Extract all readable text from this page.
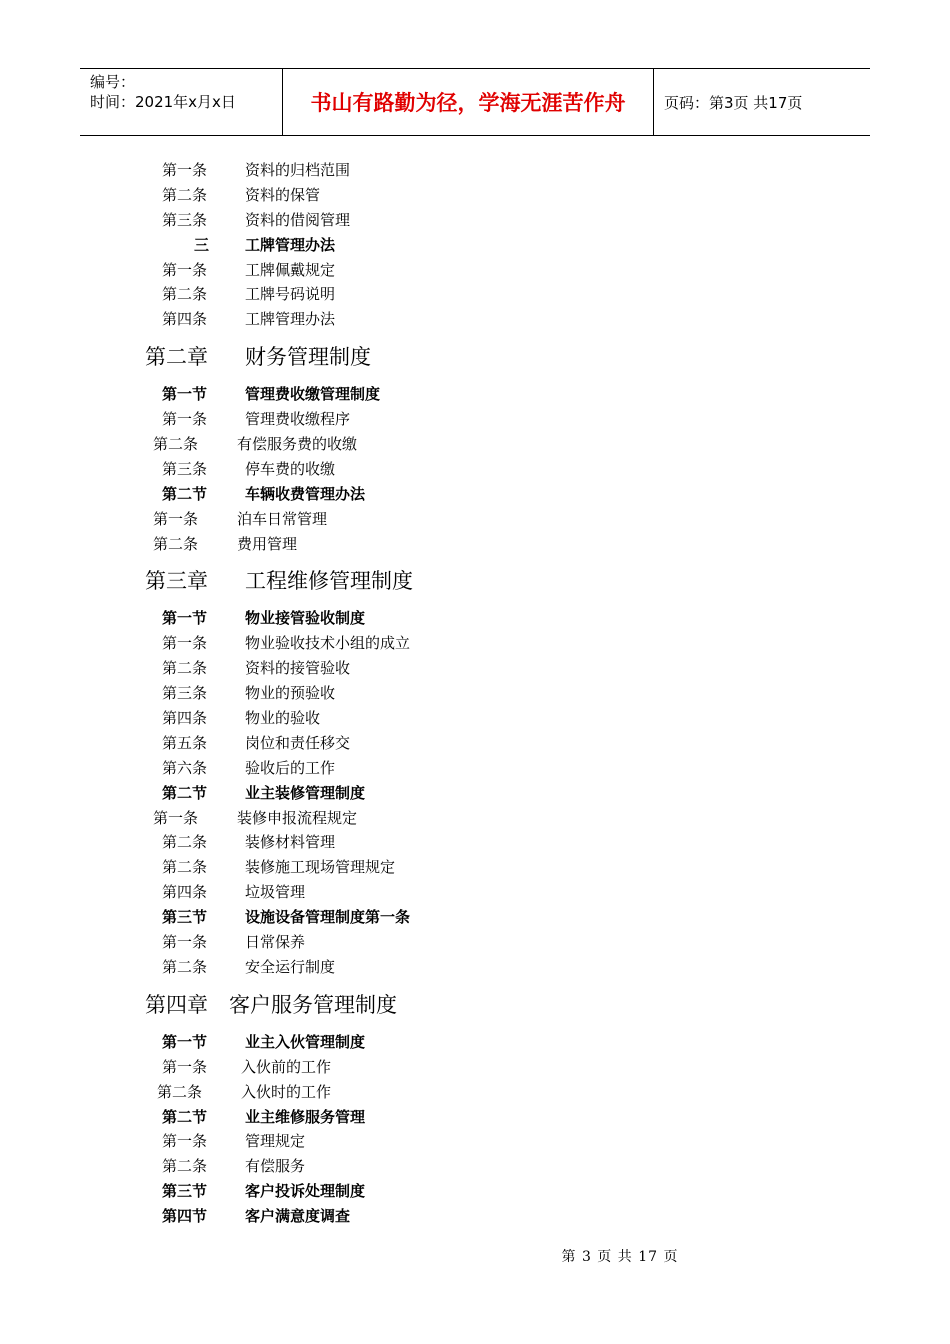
编号：
时间：2021年x月x日	书山有路勤为径，学海无涯苦作舟	页码：第3页 共17页
第一条	资料的归档范围
第二条	资料的保管
第三条	资料的借阅管理
三 工牌管理办法
第一条	工牌佩戴规定
第二条	工牌号码说明
第四条	工牌管理办法
第二章 财务管理制度
第一节	管理费收缴管理制度
第一条	管理费收缴程序
第二条	有偿服务费的收缴
第三条	停车费的收缴
第二节	车辆收费管理办法
第一条	泊车日常管理
第二条	费用管理
第三章 工程维修管理制度
第一节	物业接管验收制度
第一条	物业验收技术小组的成立
第二条	资料的接管验收
第三条	物业的预验收
第四条	物业的验收
第五条	岗位和责任移交
第六条	验收后的工作
第二节	业主装修管理制度
第一条	装修申报流程规定
第二条	装修材料管理
第二条	装修施工现场管理规定
第四条	垃圾管理
第三节	设施设备管理制度第一条
第一条	日常保养
第二条	安全运行制度
第四章 客户服务管理制度
第一节	业主入伙管理制度
第一条 入伙前的工作
第二条	入伙时的工作
第二节	业主维修服务管理
第一条	管理规定
第二条	有偿服务
第三节	客户投诉处理制度
第四节	客户满意度调查
第 3 页 共 17 页
